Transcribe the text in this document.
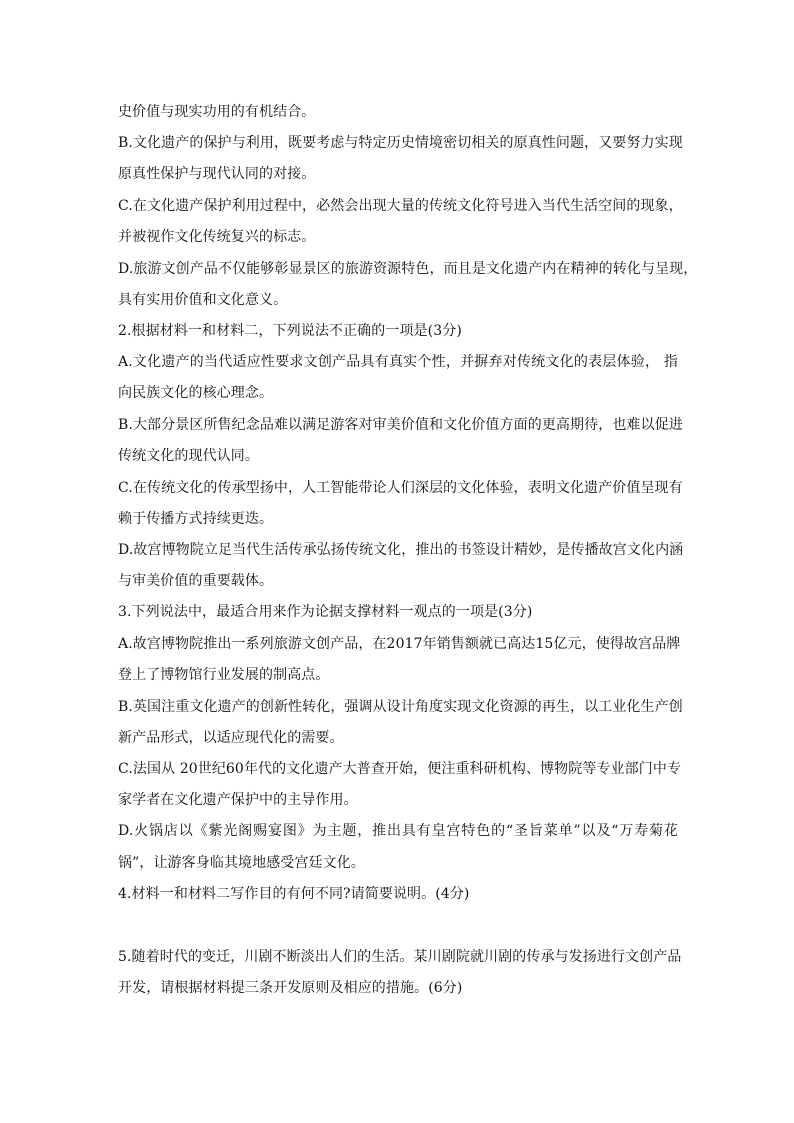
史价值与现实功用的有机结合。
B.文化遗产的保护与利用，既要考虑与特定历史情境密切相关的原真性问题，又要努力实现
原真性保护与现代认同的对接。
C.在文化遗产保护利用过程中，必然会出现大量的传统文化符号进入当代生活空间的现象，
并被视作文化传统复兴的标志。
D.旅游文创产品不仅能够彰显景区的旅游资源特色，而且是文化遗产内在精神的转化与呈现，
具有实用价值和文化意义。
2.根据材料一和材料二，下列说法不正确的一项是(3分)
A.文化遗产的当代适应性要求文创产品具有真实个性，并摒弃对传统文化的表层体验， 指
向民族文化的核心理念。
B.大部分景区所售纪念品难以满足游客对审美价值和文化价值方面的更高期待，也难以促进
传统文化的现代认同。
C.在传统文化的传承型扬中，人工智能带论人们深层的文化体验，表明文化遗产价值呈现有
赖于传播方式持续更迭。
D.故宫博物院立足当代生活传承弘扬传统文化，推出的书签设计精妙，是传播故宫文化内涵
与审美价值的重要载体。
3.下列说法中，最适合用来作为论据支撑材料一观点的一项是(3分)
A.故宫博物院推出一系列旅游文创产品，在2017年销售额就已高达15亿元，使得故宫品牌
登上了博物馆行业发展的制高点。
B.英国注重文化遗产的创新性转化，强调从设计角度实现文化资源的再生，以工业化生产创
新产品形式，以适应现代化的需要。
C.法国从 20世纪60年代的文化遗产大普查开始，便注重科研机构、博物院等专业部门中专
家学者在文化遗产保护中的主导作用。
D.火锅店以《紫光阁赐宴图》为主题，推出具有皇宫特色的“圣旨菜单”以及“万寿菊花
锅”，让游客身临其境地感受宫廷文化。
4.材料一和材料二写作目的有何不同?请简要说明。(4分)
5.随着时代的变迁，川剧不断淡出人们的生活。某川剧院就川剧的传承与发扬进行文创产品
开发，请根据材料提三条开发原则及相应的措施。(6分)
